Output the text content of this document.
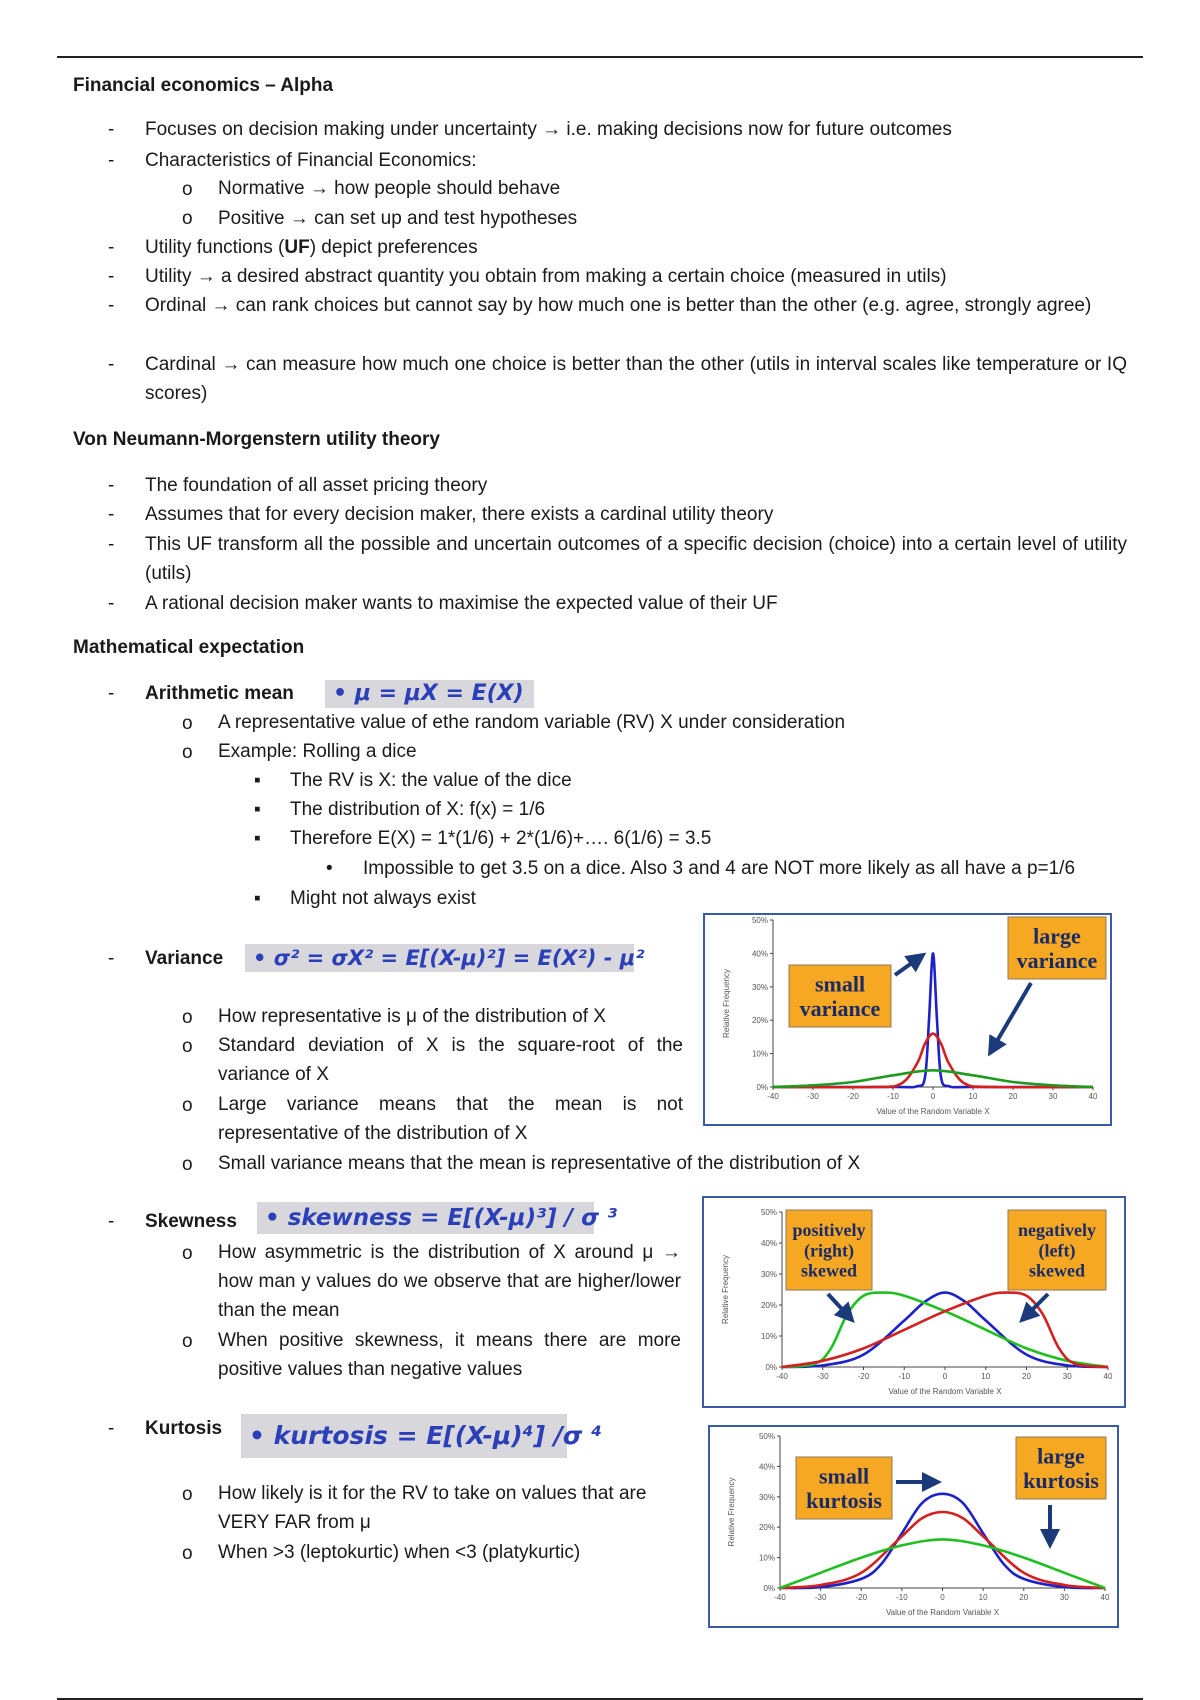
Financial economics – Alpha
- Focuses on decision making under uncertainty → i.e. making decisions now for future outcomes
- Characteristics of Financial Economics:
o Normative → how people should behave
o Positive → can set up and test hypotheses
- Utility functions (UF) depict preferences
- Utility → a desired abstract quantity you obtain from making a certain choice (measured in utils)
- Ordinal → can rank choices but cannot say by how much one is better than the other (e.g. agree, strongly agree)
- Cardinal → can measure how much one choice is better than the other (utils in interval scales like temperature or IQ scores)
Von Neumann-Morgenstern utility theory
- The foundation of all asset pricing theory
- Assumes that for every decision maker, there exists a cardinal utility theory
- This UF transform all the possible and uncertain outcomes of a specific decision (choice) into a certain level of utility (utils)
- A rational decision maker wants to maximise the expected value of their UF
Mathematical expectation
- Arithmetic mean	• μ = μX = E(X)
o A representative value of ethe random variable (RV) X under consideration
o Example: Rolling a dice
▪ The RV is X: the value of the dice
▪ The distribution of X: f(x) = 1/6
▪ Therefore E(X) = 1*(1/6) + 2*(1/6)+…. 6(1/6) = 3.5
• Impossible to get 3.5 on a dice. Also 3 and 4 are NOT more likely as all have a p=1/6
▪ Might not always exist
- Variance	• σ² = σX² = E[(X-μ)²] = E(X²) - μ²
o How representative is μ of the distribution of X
o Standard deviation of X is the square-root of the variance of X
o Large variance means that the mean is not representative of the distribution of X
o Small variance means that the mean is representative of the distribution of X
- Skewness	• skewness = E[(X-μ)³] / σ ³
o How asymmetric is the distribution of X around μ → how man y values do we observe that are higher/lower than the mean
o When positive skewness, it means there are more positive values than negative values
- Kurtosis	• kurtosis = E[(X-μ)⁴] /σ ⁴
o How likely is it for the RV to take on values that are VERY FAR from μ
o When >3 (leptokurtic) when <3 (platykurtic)
0%
10%
20%
30%
40%
50%
-40	-30	-20	-10	0	10	20	30	40
Value of the Random Variable X
Relative Frequency	small variance
large variance
0%
10%
20%
30%
40%
50%
-40	-30	-20	-10	0	10	20	30	40
Value of the Random Variable X
Relative Frequency
positively (right) skewed
negatively (left) skewed
0%
10%
20%
30%
40%
50%
-40	-30	-20	-10	0	10	20	30	40
Value of the Random Variable X
Relative Frequency
small kurtosis
large kurtosis
